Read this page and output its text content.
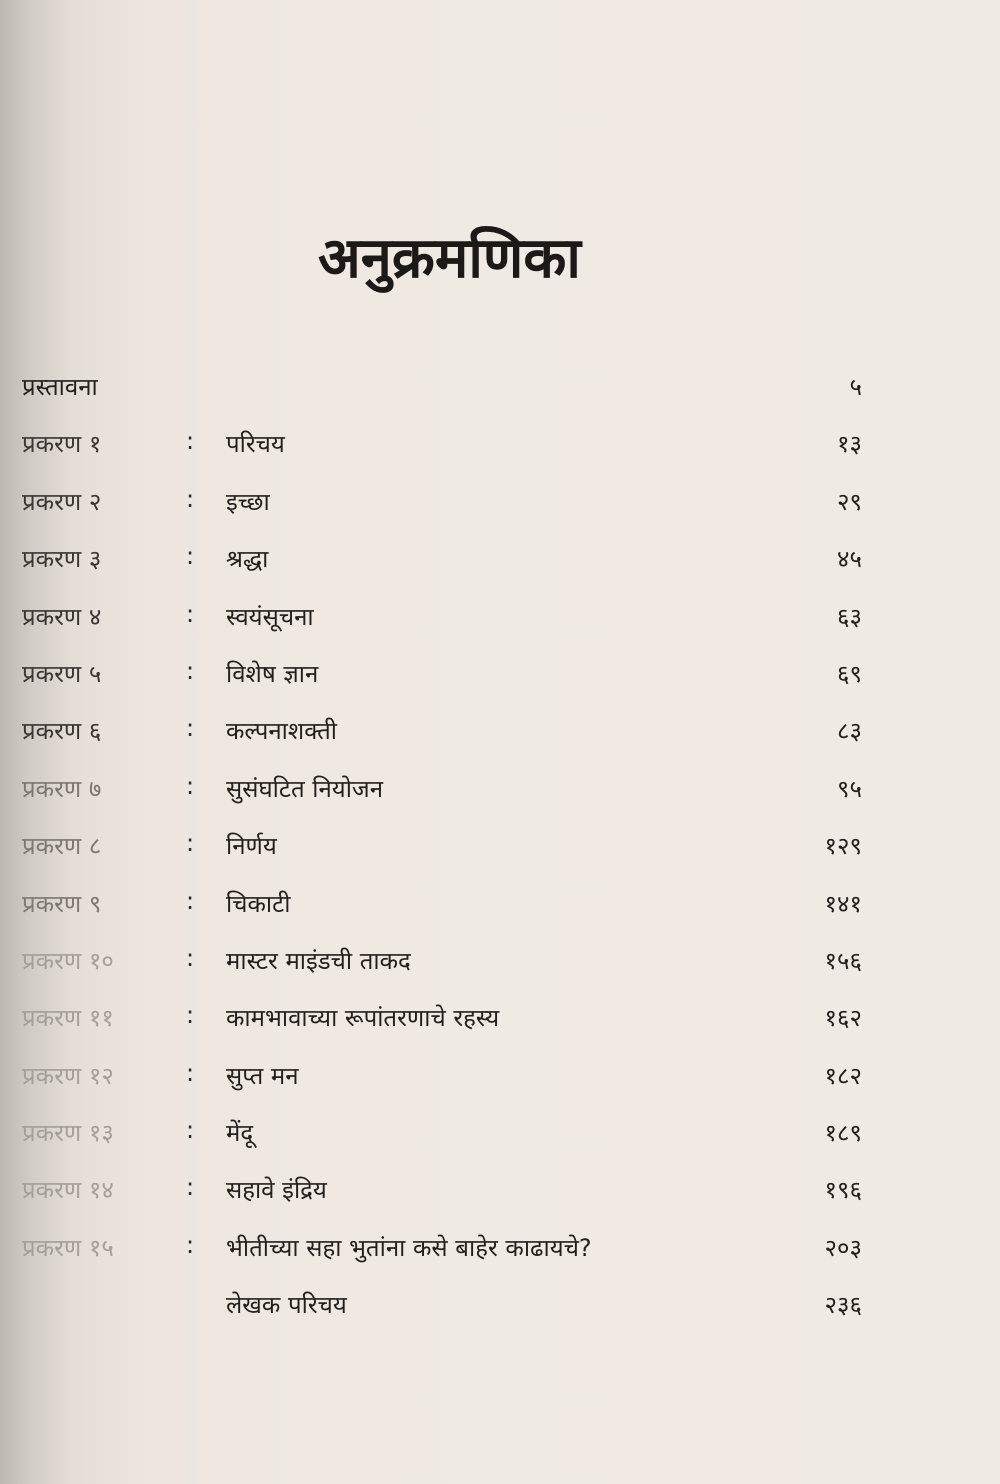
अनुक्रमणिका
प्रस्तावना	५
प्रकरण १	: परिचय	१३
प्रकरण २	: इच्छा	२९
प्रकरण ३	: श्रद्धा	४५
प्रकरण ४	: स्वयंसूचना	६३
प्रकरण ५	: विशेष ज्ञान	६९
प्रकरण ६	: कल्पनाशक्ती	८३
प्रकरण ७	: सुसंघटित नियोजन	९५
प्रकरण ८	: निर्णय	१२९
प्रकरण ९	: चिकाटी	१४१
प्रकरण १०	: मास्टर माइंडची ताकद	१५६
प्रकरण ११	: कामभावाच्या रूपांतरणाचे रहस्य	१६२
प्रकरण १२	: सुप्त मन	१८२
प्रकरण १३	: मेंदू	१८९
प्रकरण १४	: सहावे इंद्रिय	१९६
प्रकरण १५	: भीतीच्या सहा भुतांना कसे बाहेर काढायचे?	२०३
लेखक परिचय	२३६
